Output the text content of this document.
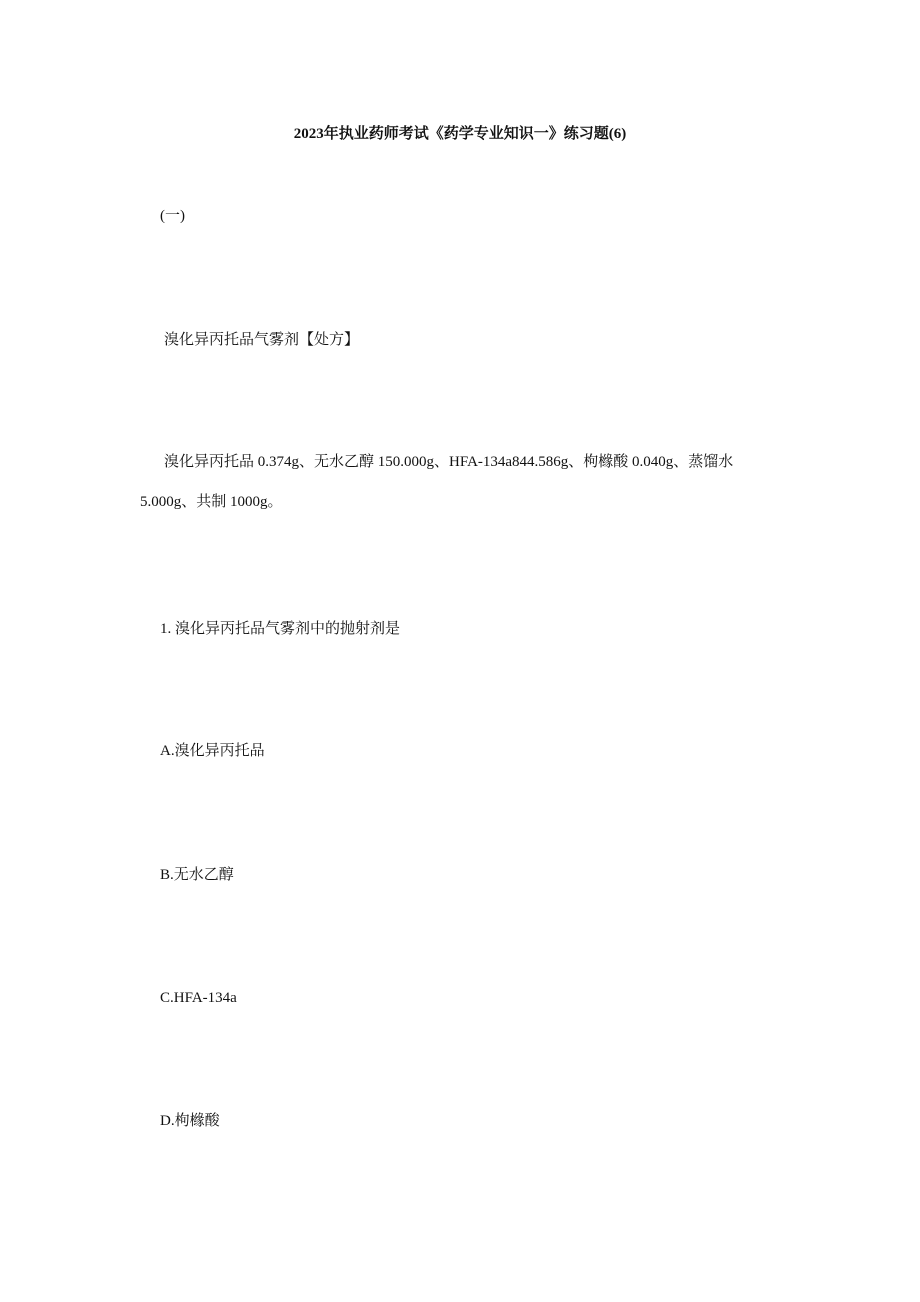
2023年执业药师考试《药学专业知识一》练习题(6)
(一)
溴化异丙托品气雾剂【处方】
溴化异丙托品 0.374g、无水乙醇 150.000g、HFA-134a844.586g、枸橼酸 0.040g、蒸馏水 5.000g、共制 1000g。
1. 溴化异丙托品气雾剂中的抛射剂是
A.溴化异丙托品
B.无水乙醇
C.HFA-134a
D.枸橼酸
